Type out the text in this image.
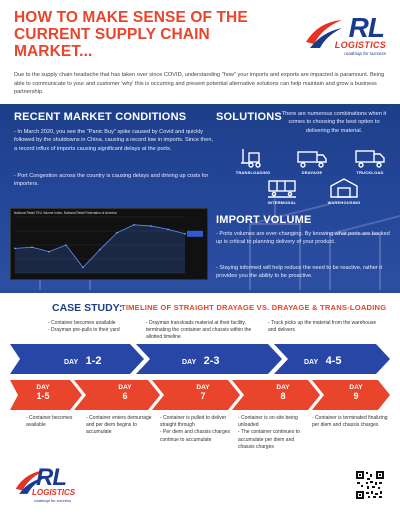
HOW TO MAKE SENSE OF THE CURRENT SUPPLY CHAIN MARKET...
RL
LOGISTICS
roadmap for success
Due to the supply chain headache that has taken over since COVID, understanding "how" your imports and exports are impacted is paramount. Being able to communicate to your and customer 'why' this is occurring and present potential alternative solutions can help maintain and grow a business partnership.
RECENT MARKET CONDITIONS
- In March 2020, you see the "Panic Buy" spike caused by Covid and quickly followed by the shutdowns in China, causing a record low in imports. Since then, a record influx of imports causing significant delays at the ports.
- Port Congestion across the country is causing delays and driving up costs for importers.
National Retail TEU Volume Index, National Retail Federation of America
SOLUTIONS There are numerous combinations when it comes to choosing the best option to delivering the material.
TRANSLOADING	DRAYAGE	TRUCKLOAD
INTERMODAL	WAREHOUSING
IMPORT VOLUME
- Ports volumes are ever-changing. By knowing what ports are backed up is critical to planning delivery of your product.
- Staying informed will help reduce the need to be reactive, rather it provides you the ability to be proactive.
CASE STUDY:
TIMELINE OF STRAIGHT DRAYAGE VS. DRAYAGE & TRANS-LOADING
- Container becomes available
- Drayman pre-pulls to their yard
- Drayman transloads material at their facility, terminating the container and chassis within the allotted timeline
- Truck picks up the material from the warehouse and delivers
DAY 1-2	DAY 2-3	DAY 4-5
DAY
1-5
DAY
6
DAY
7
DAY
8
DAY
9
- Container becomes available
- Container enters demurrage and per diem begins to accumulate
- Container is pulled to deliver straight through
- Per diem and chassis charges continue to accumulate
- Container is on-site being unloaded
- The container continues to accumulate per diem and chassis charges
- Container is terminated finalizing per diem and chassis charges
RL
LOGISTICS
roadmap for success
